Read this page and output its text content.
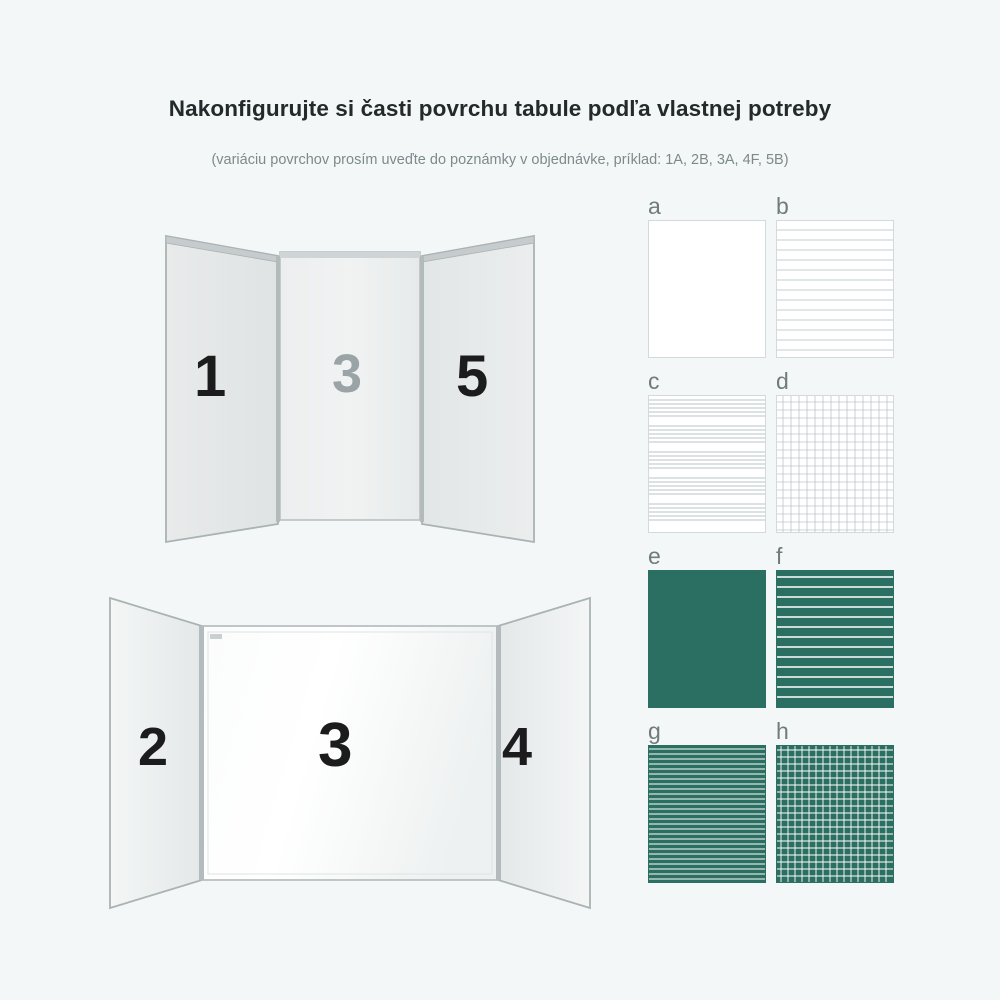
Nakonfigurujte si časti povrchu tabule podľa vlastnej potreby
(variáciu povrchov prosím uveďte do poznámky v objednávke, príklad: 1A, 2B, 3A, 4F, 5B)
1 3 5
2 3	4
a	b
c	d
e	f
g	h
